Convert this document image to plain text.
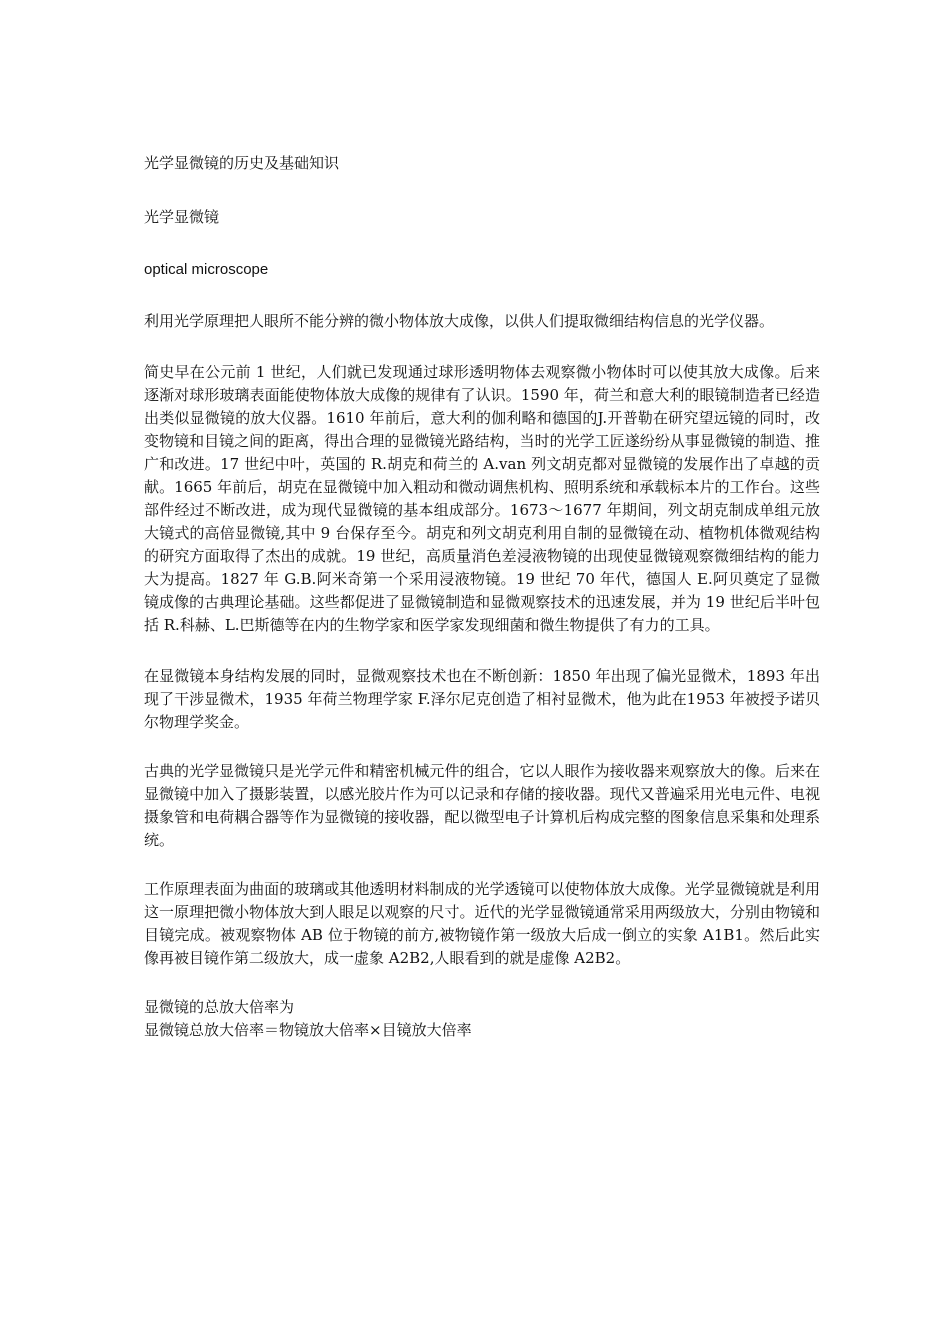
光学显微镜的历史及基础知识

光学显微镜

optical microscope

利用光学原理把人眼所不能分辨的微小物体放大成像，以供人们提取微细结构信息的光学仪器。

简史早在公元前 1 世纪，人们就已发现通过球形透明物体去观察微小物体时可以使其放大成像。后来逐渐对球形玻璃表面能使物体放大成像的规律有了认识。1590 年，荷兰和意大利的眼镜制造者已经造出类似显微镜的放大仪器。1610 年前后，意大利的伽利略和德国的J.开普勒在研究望远镜的同时，改变物镜和目镜之间的距离，得出合理的显微镜光路结构，当时的光学工匠遂纷纷从事显微镜的制造、推广和改进。17 世纪中叶，英国的 R.胡克和荷兰的 A.van 列文胡克都对显微镜的发展作出了卓越的贡献。1665 年前后，胡克在显微镜中加入粗动和微动调焦机构、照明系统和承载标本片的工作台。这些部件经过不断改进，成为现代显微镜的基本组成部分。1673～1677 年期间，列文胡克制成单组元放大镜式的高倍显微镜,其中 9 台保存至今。胡克和列文胡克利用自制的显微镜在动、植物机体微观结构的研究方面取得了杰出的成就。19 世纪，高质量消色差浸液物镜的出现使显微镜观察微细结构的能力大为提高。1827 年 G.B.阿米奇第一个采用浸液物镜。19 世纪 70 年代，德国人 E.阿贝奠定了显微镜成像的古典理论基础。这些都促进了显微镜制造和显微观察技术的迅速发展，并为 19 世纪后半叶包括 R.科赫、L.巴斯德等在内的生物学家和医学家发现细菌和微生物提供了有力的工具。

在显微镜本身结构发展的同时，显微观察技术也在不断创新：1850 年出现了偏光显微术，1893 年出现了干涉显微术，1935 年荷兰物理学家 F.泽尔尼克创造了相衬显微术，他为此在1953 年被授予诺贝尔物理学奖金。

古典的光学显微镜只是光学元件和精密机械元件的组合，它以人眼作为接收器来观察放大的像。后来在显微镜中加入了摄影装置，以感光胶片作为可以记录和存储的接收器。现代又普遍采用光电元件、电视摄象管和电荷耦合器等作为显微镜的接收器，配以微型电子计算机后构成完整的图象信息采集和处理系统。

工作原理表面为曲面的玻璃或其他透明材料制成的光学透镜可以使物体放大成像。光学显微镜就是利用这一原理把微小物体放大到人眼足以观察的尺寸。近代的光学显微镜通常采用两级放大，分别由物镜和目镜完成。被观察物体 AB 位于物镜的前方,被物镜作第一级放大后成一倒立的实象 A1B1。然后此实像再被目镜作第二级放大，成一虚象 A2B2,人眼看到的就是虚像 A2B2。

显微镜的总放大倍率为

显微镜总放大倍率＝物镜放大倍率×目镜放大倍率
